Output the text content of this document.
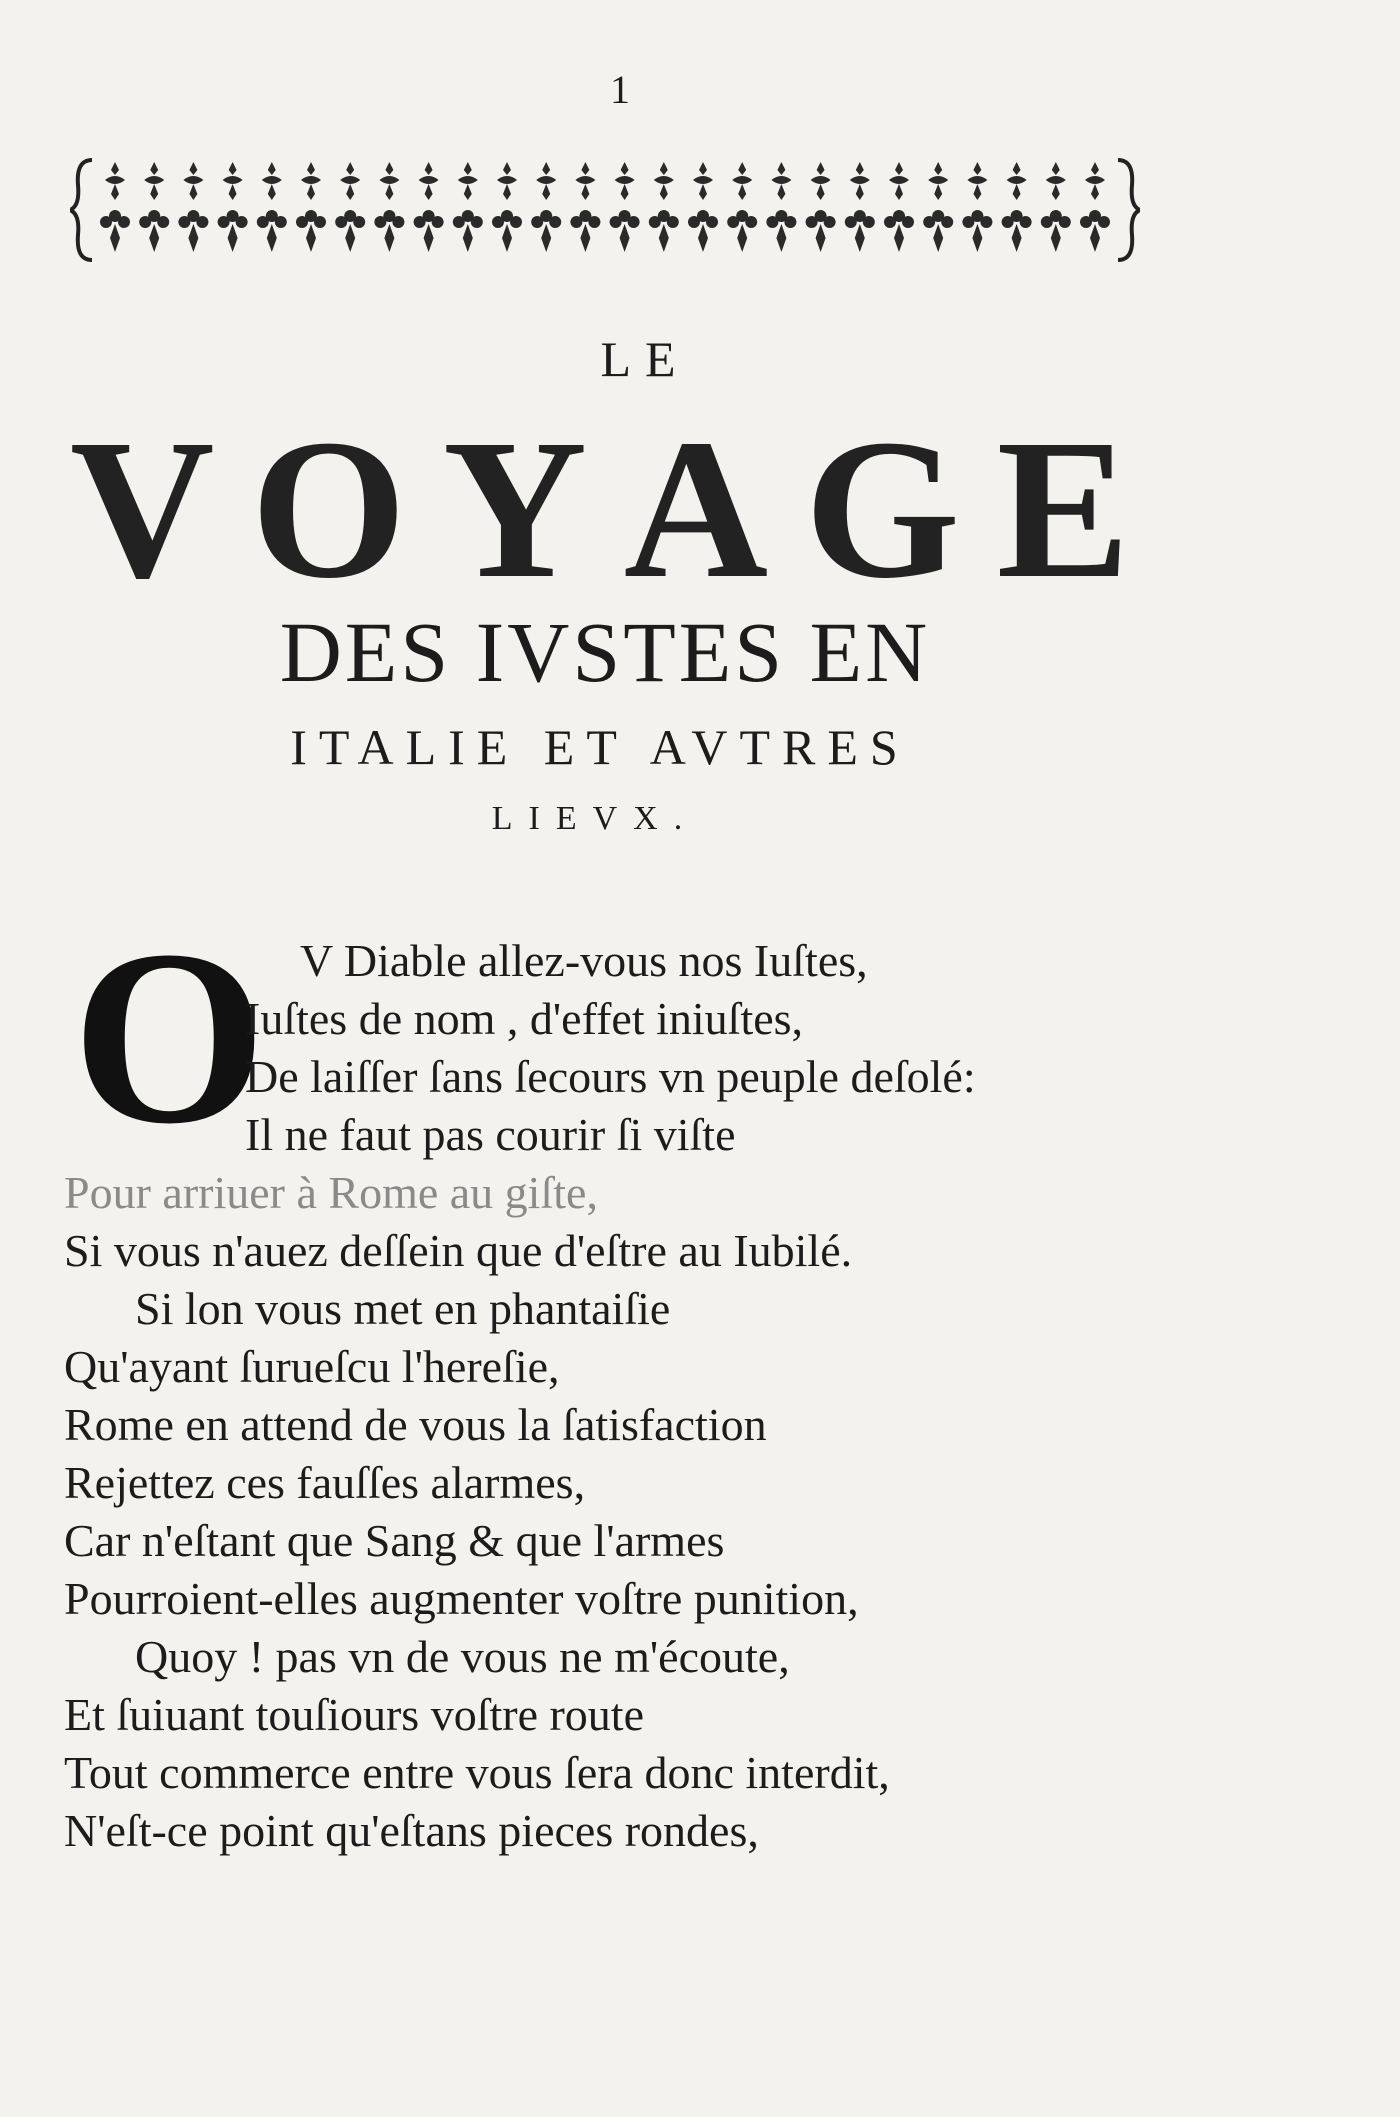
1
LE
V O Y A G E
DES IVSTES EN
ITALIE ET AVTRES
LIEVX.
O V Diable allez-vous nos Iuſtes,
Iuſtes de nom , d'effet iniuſtes,
De laiſſer ſans ſecours vn peuple deſolé:
Il ne faut pas courir ſi viſte
Pour arriuer à Rome au giſte,
Si vous n'auez deſſein que d'eſtre au Iubilé.
Si lon vous met en phantaiſie
Qu'ayant ſurueſcu l'hereſie,
Rome en attend de vous la ſatisfaction
Rejettez ces fauſſes alarmes,
Car n'eſtant que Sang & que l'armes
Pourroient-elles augmenter voſtre punition,
Quoy ! pas vn de vous ne m'écoute,
Et ſuiuant touſiours voſtre route
Tout commerce entre vous ſera donc interdit,
N'eſt-ce point qu'eſtans pieces rondes,
